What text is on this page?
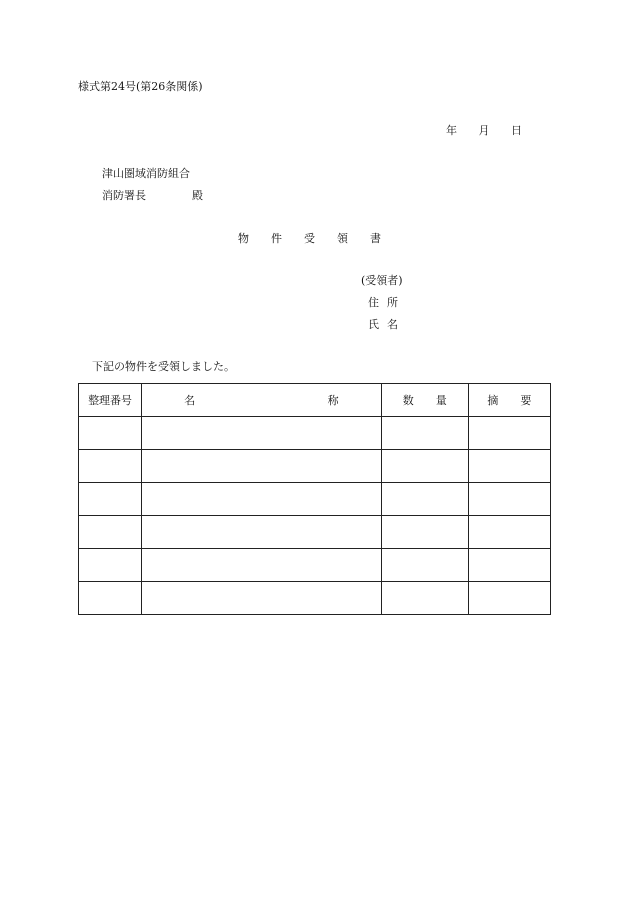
様式第24号(第26条関係)
年 月 日
津山圏域消防組合
消防署長	殿
物件受領書
(受領者)
住所
氏名
下記の物件を受領しました。
整理番号	名 称	数量	摘要
